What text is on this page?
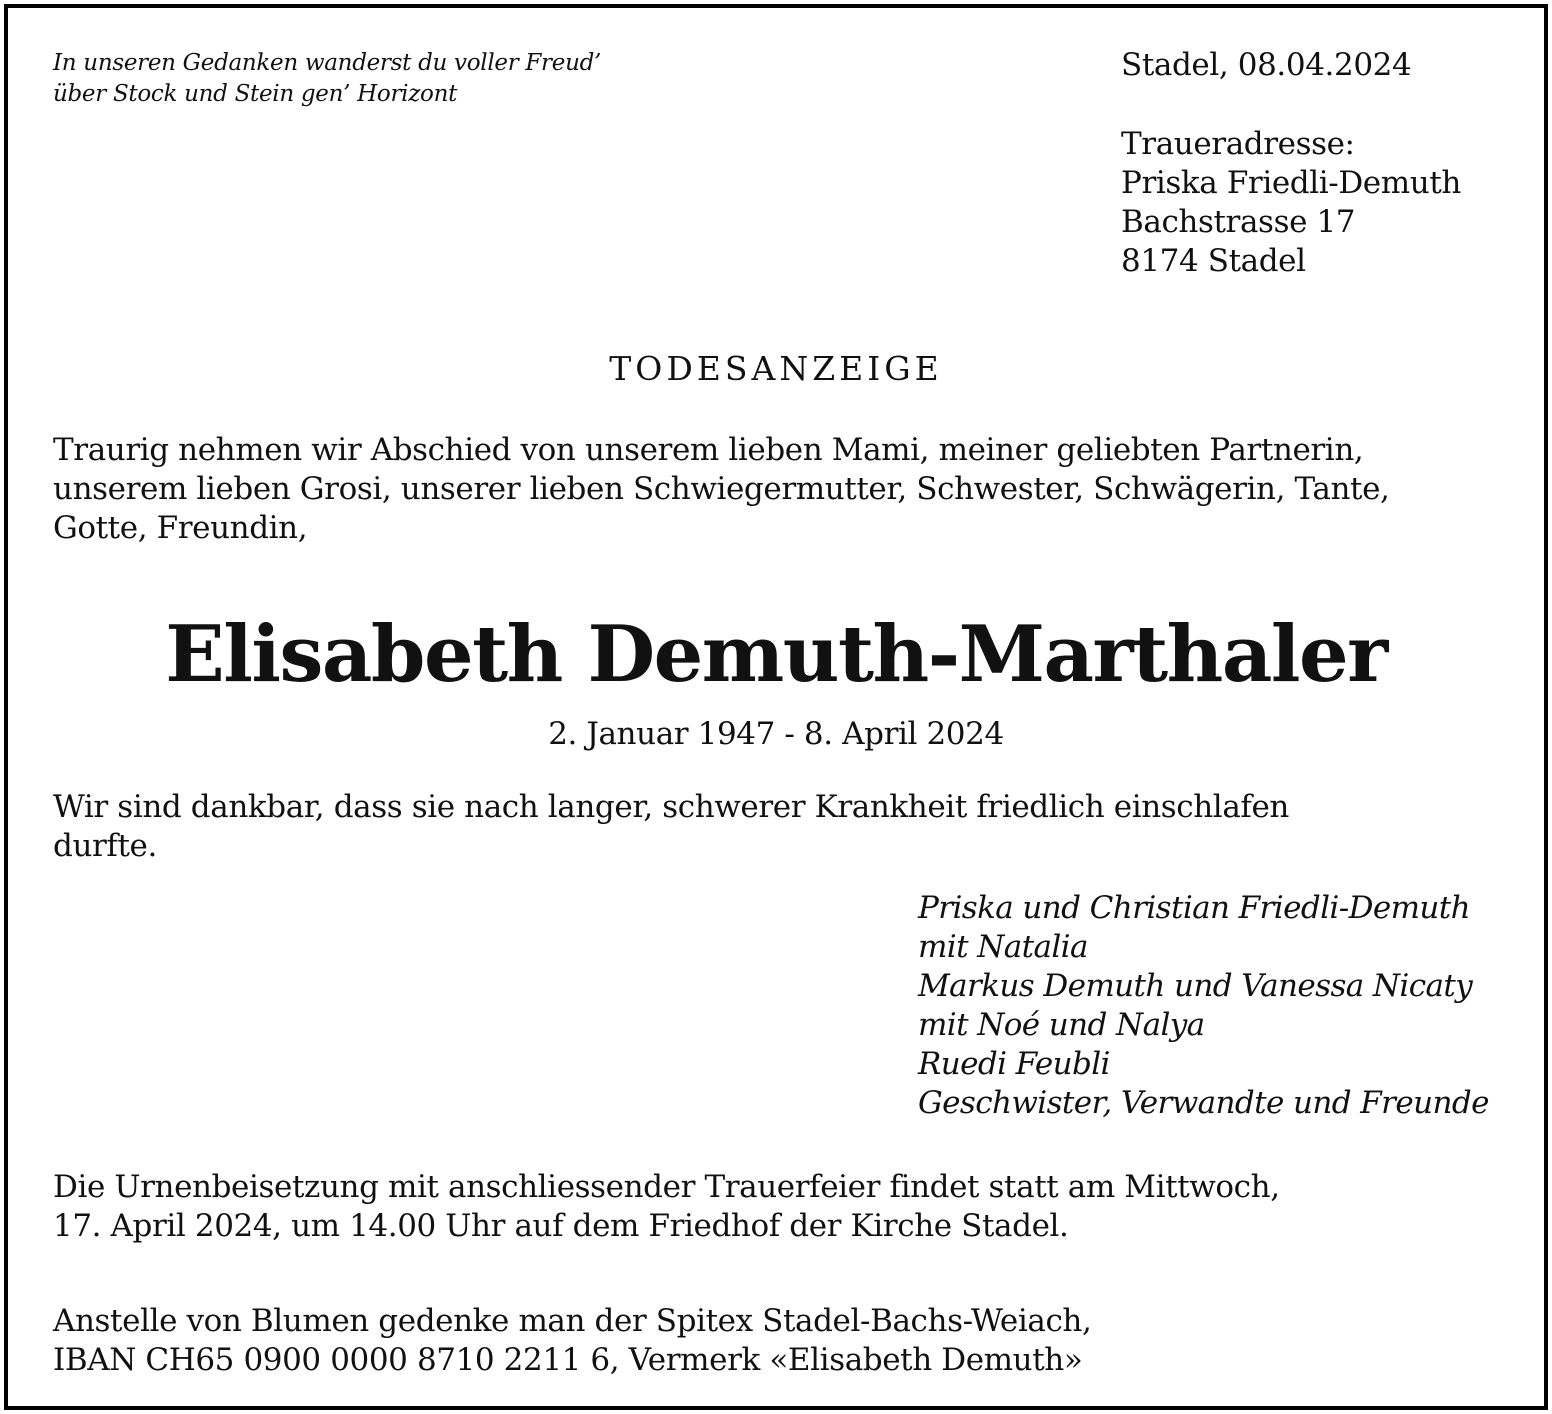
In unseren Gedanken wanderst du voller Freud’
über Stock und Stein gen’ Horizont
Stadel, 08.04.2024
Traueradresse:
Priska Friedli-Demuth
Bachstrasse 17
8174 Stadel
TODESANZEIGE
Traurig nehmen wir Abschied von unserem lieben Mami, meiner geliebten Partnerin,
unserem lieben Grosi, unserer lieben Schwiegermutter, Schwester, Schwägerin, Tante,
Gotte, Freundin,
Elisabeth Demuth-Marthaler
2. Januar 1947 - 8. April 2024
Wir sind dankbar, dass sie nach langer, schwerer Krankheit friedlich einschlafen
durfte.
Priska und Christian Friedli-Demuth
mit Natalia
Markus Demuth und Vanessa Nicaty
mit Noé und Nalya
Ruedi Feubli
Geschwister, Verwandte und Freunde
Die Urnenbeisetzung mit anschliessender Trauerfeier findet statt am Mittwoch,
17. April 2024, um 14.00 Uhr auf dem Friedhof der Kirche Stadel.
Anstelle von Blumen gedenke man der Spitex Stadel-Bachs-Weiach,
IBAN CH65 0900 0000 8710 2211 6, Vermerk «Elisabeth Demuth»
